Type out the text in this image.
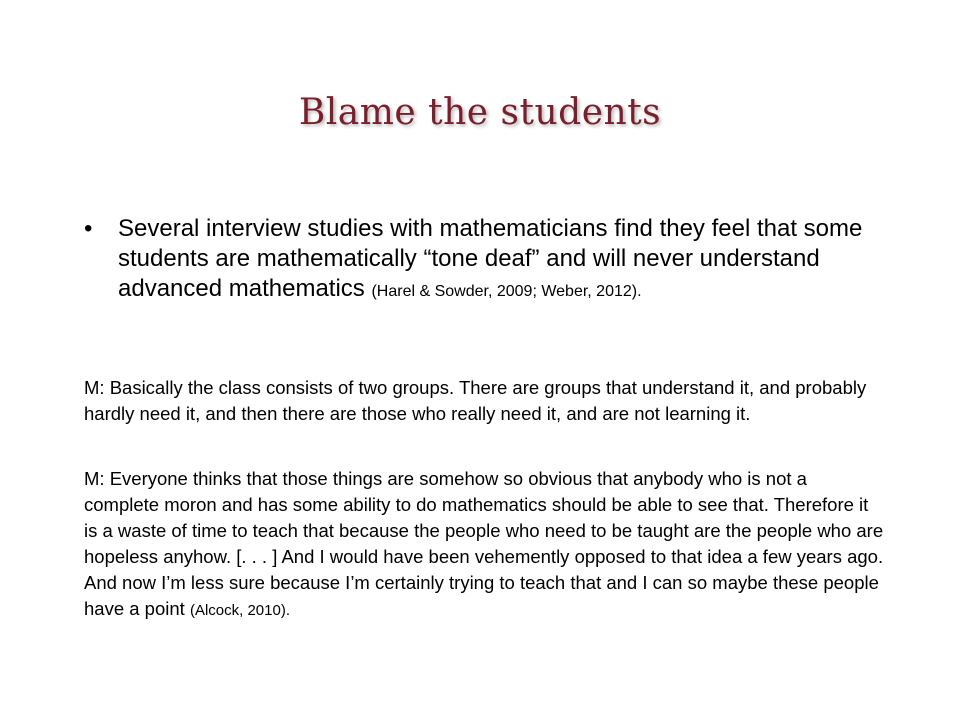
Blame the students
•	Several interview studies with mathematicians find they feel that some students are mathematically “tone deaf” and will never understand advanced mathematics (Harel & Sowder, 2009; Weber, 2012).
M: Basically the class consists of two groups. There are groups that understand it, and probably hardly need it, and then there are those who really need it, and are not learning it.
M: Everyone thinks that those things are somehow so obvious that anybody who is not a complete moron and has some ability to do mathematics should be able to see that. Therefore it is a waste of time to teach that because the people who need to be taught are the people who are hopeless anyhow. [. . . ] And I would have been vehemently opposed to that idea a few years ago. And now I’m less sure because I’m certainly trying to teach that and I can so maybe these people have a point (Alcock, 2010).
